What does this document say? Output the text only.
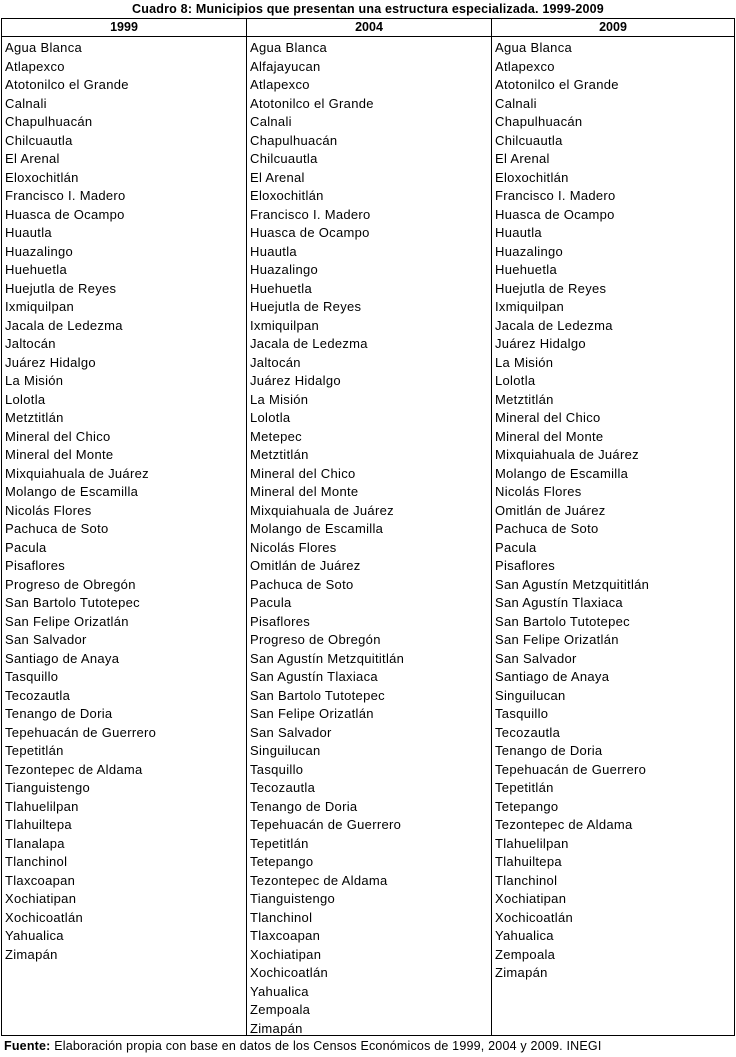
Cuadro 8: Municipios que presentan una estructura especializada. 1999-2009
1999
Agua Blanca
Atlapexco
Atotonilco el Grande
Calnali
Chapulhuacán
Chilcuautla
El Arenal
Eloxochitlán
Francisco I. Madero
Huasca de Ocampo
Huautla
Huazalingo
Huehuetla
Huejutla de Reyes
Ixmiquilpan
Jacala de Ledezma
Jaltocán
Juárez Hidalgo
La Misión
Lolotla
Metztitlán
Mineral del Chico
Mineral del Monte
Mixquiahuala de Juárez
Molango de Escamilla
Nicolás Flores
Pachuca de Soto
Pacula
Pisaflores
Progreso de Obregón
San Bartolo Tutotepec
San Felipe Orizatlán
San Salvador
Santiago de Anaya
Tasquillo
Tecozautla
Tenango de Doria
Tepehuacán de Guerrero
Tepetitlán
Tezontepec de Aldama
Tianguistengo
Tlahuelilpan
Tlahuiltepa
Tlanalapa
Tlanchinol
Tlaxcoapan
Xochiatipan
Xochicoatlán
Yahualica
Zimapán
2004
Agua Blanca
Alfajayucan
Atlapexco
Atotonilco el Grande
Calnali
Chapulhuacán
Chilcuautla
El Arenal
Eloxochitlán
Francisco I. Madero
Huasca de Ocampo
Huautla
Huazalingo
Huehuetla
Huejutla de Reyes
Ixmiquilpan
Jacala de Ledezma
Jaltocán
Juárez Hidalgo
La Misión
Lolotla
Metepec
Metztitlán
Mineral del Chico
Mineral del Monte
Mixquiahuala de Juárez
Molango de Escamilla
Nicolás Flores
Omitlán de Juárez
Pachuca de Soto
Pacula
Pisaflores
Progreso de Obregón
San Agustín Metzquititlán
San Agustín Tlaxiaca
San Bartolo Tutotepec
San Felipe Orizatlán
San Salvador
Singuilucan
Tasquillo
Tecozautla
Tenango de Doria
Tepehuacán de Guerrero
Tepetitlán
Tetepango
Tezontepec de Aldama
Tianguistengo
Tlanchinol
Tlaxcoapan
Xochiatipan
Xochicoatlán
Yahualica
Zempoala
Zimapán
2009
Agua Blanca
Atlapexco
Atotonilco el Grande
Calnali
Chapulhuacán
Chilcuautla
El Arenal
Eloxochitlán
Francisco I. Madero
Huasca de Ocampo
Huautla
Huazalingo
Huehuetla
Huejutla de Reyes
Ixmiquilpan
Jacala de Ledezma
Juárez Hidalgo
La Misión
Lolotla
Metztitlán
Mineral del Chico
Mineral del Monte
Mixquiahuala de Juárez
Molango de Escamilla
Nicolás Flores
Omitlán de Juárez
Pachuca de Soto
Pacula
Pisaflores
San Agustín Metzquititlán
San Agustín Tlaxiaca
San Bartolo Tutotepec
San Felipe Orizatlán
San Salvador
Santiago de Anaya
Singuilucan
Tasquillo
Tecozautla
Tenango de Doria
Tepehuacán de Guerrero
Tepetitlán
Tetepango
Tezontepec de Aldama
Tlahuelilpan
Tlahuiltepa
Tlanchinol
Xochiatipan
Xochicoatlán
Yahualica
Zempoala
Zimapán
Fuente: Elaboración propia con base en datos de los Censos Económicos de 1999, 2004 y 2009. INEGI
